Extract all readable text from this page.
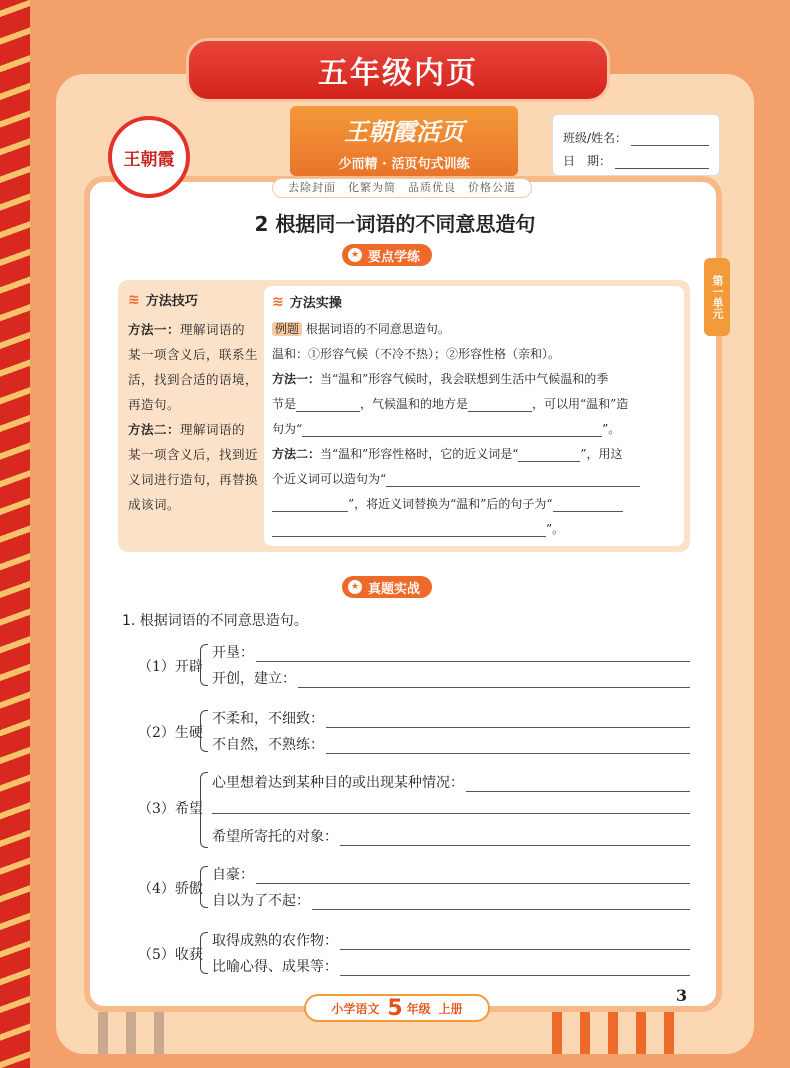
五年级内页
王朝霞
王朝霞活页
少而精 · 活页句式训练
班级/姓名：
日　期：
去除封面　化繁为简　品质优良　价格公道
2 根据同一词语的不同意思造句
★ 要点学练
第一单元
≋ 方法技巧
方法一：理解词语的某一项含义后，联系生活，找到合适的语境，再造句。
方法二：理解词语的某一项含义后，找到近义词进行造句，再替换成该词。
≋ 方法实操
例题 根据词语的不同意思造句。
温和：①形容气候（不冷不热）；②形容性格（亲和）。
方法一：当“温和”形容气候时，我会联想到生活中气候温和的季
节是	，气候温和的地方是	，可以用“温和”造
句为“	”。
方法二：当“温和”形容性格时，它的近义词是“	”，用这
个近义词可以造句为“
”，将近义词替换为“温和”后的句子为“
”。
★ 真题实战
1. 根据词语的不同意思造句。
（1）开辟
开垦：
开创，建立：
（2）生硬
不柔和，不细致：
不自然，不熟练：
（3）希望
心里想着达到某种目的或出现某种情况：
希望所寄托的对象：
（4）骄傲
自豪：
自以为了不起：
（5）收获
取得成熟的农作物：
比喻心得、成果等：
3
小学语文 5 年级 上册
